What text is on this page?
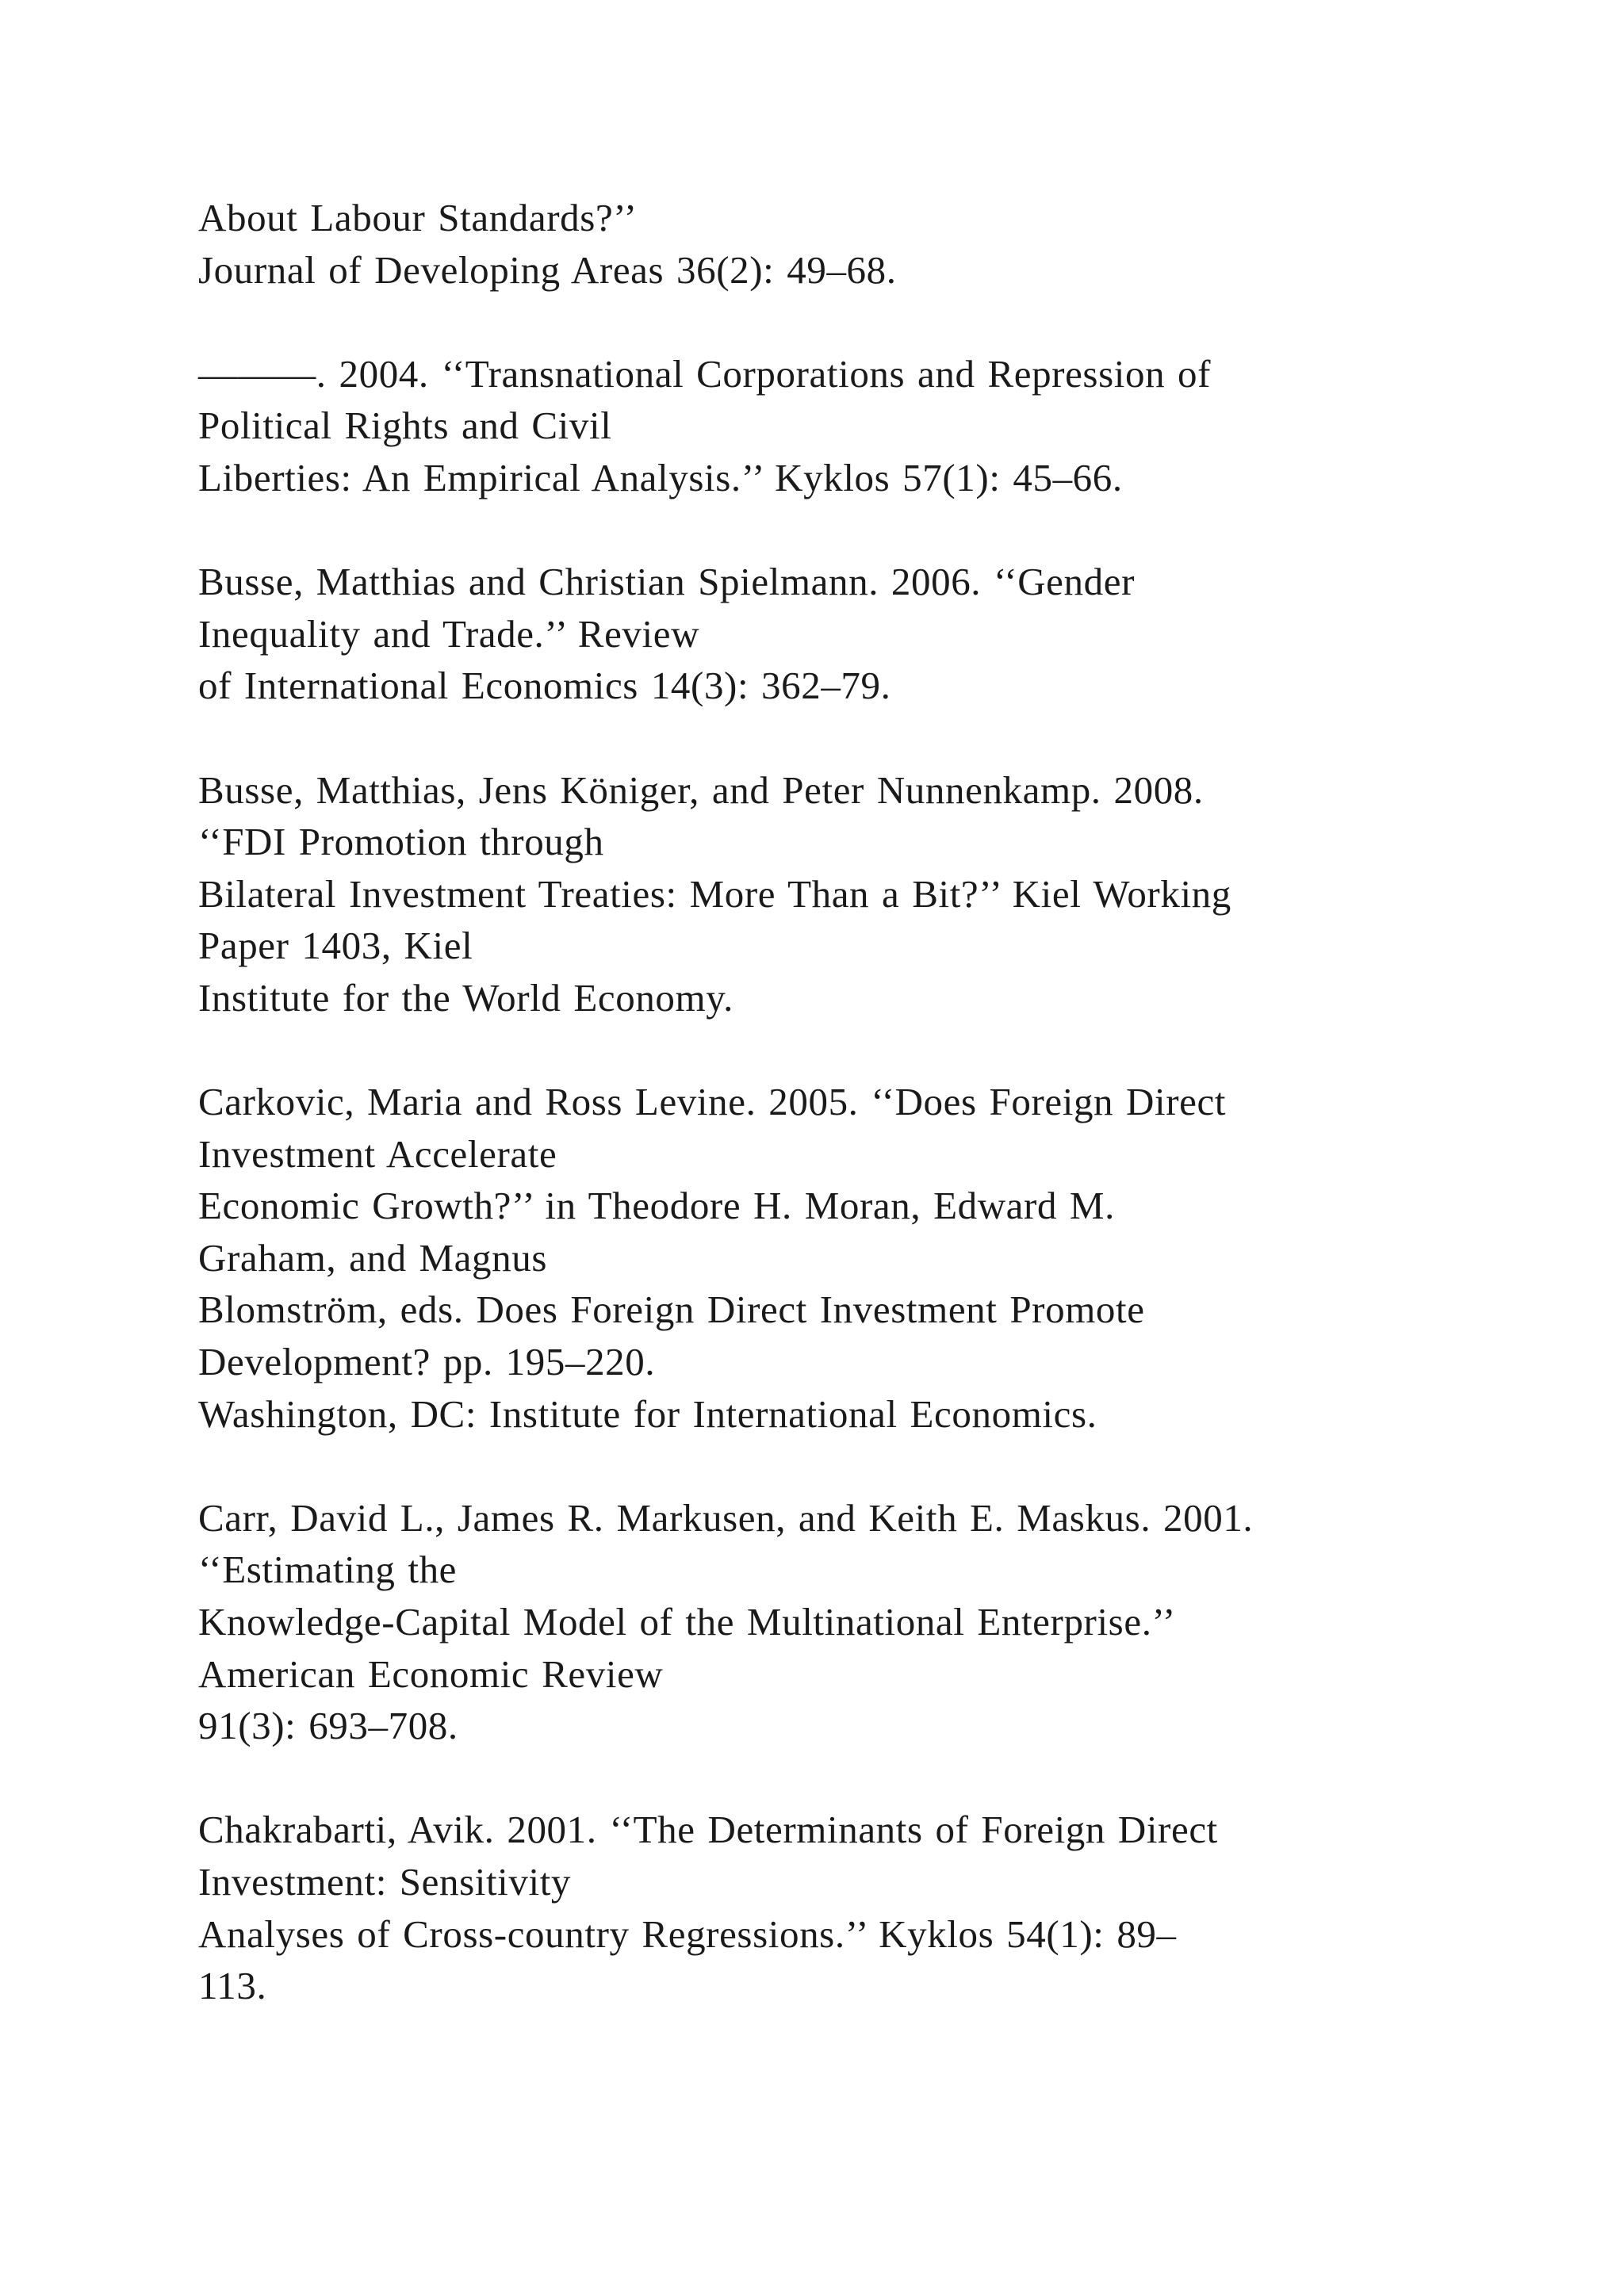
About Labour Standards?’’
Journal of Developing Areas 36(2): 49–68.
———. 2004. ‘‘Transnational Corporations and Repression of
Political Rights and Civil
Liberties: An Empirical Analysis.’’ Kyklos 57(1): 45–66.
Busse, Matthias and Christian Spielmann. 2006. ‘‘Gender
Inequality and Trade.’’ Review
of International Economics 14(3): 362–79.
Busse, Matthias, Jens Königer, and Peter Nunnenkamp. 2008.
‘‘FDI Promotion through
Bilateral Investment Treaties: More Than a Bit?’’ Kiel Working
Paper 1403, Kiel
Institute for the World Economy.
Carkovic, Maria and Ross Levine. 2005. ‘‘Does Foreign Direct
Investment Accelerate
Economic Growth?’’ in Theodore H. Moran, Edward M.
Graham, and Magnus
Blomström, eds. Does Foreign Direct Investment Promote
Development? pp. 195–220.
Washington, DC: Institute for International Economics.
Carr, David L., James R. Markusen, and Keith E. Maskus. 2001.
‘‘Estimating the
Knowledge-Capital Model of the Multinational Enterprise.’’
American Economic Review
91(3): 693–708.
Chakrabarti, Avik. 2001. ‘‘The Determinants of Foreign Direct
Investment: Sensitivity
Analyses of Cross-country Regressions.’’ Kyklos 54(1): 89–
113.
